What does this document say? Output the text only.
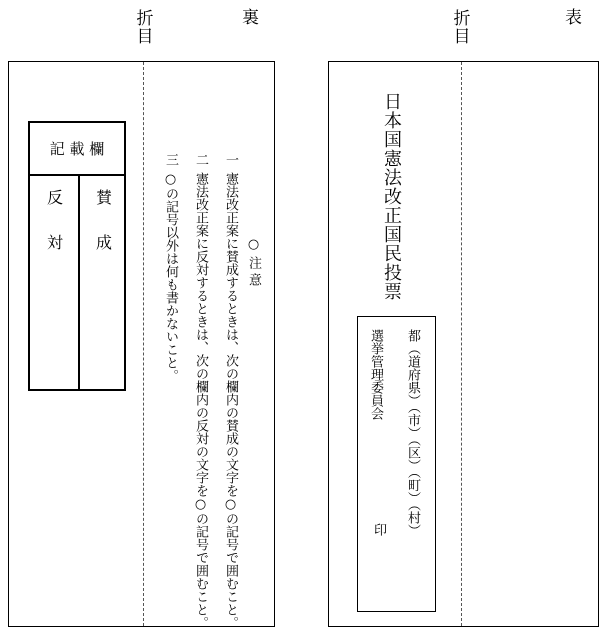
折目
裏	折目
表
○ 注 意
一憲法改正案に賛成するときは、次の欄内の賛成の文字を○の記号で囲むこと。
二憲法改正案に反対するときは、次の欄内の反対の文字を○の記号で囲むこと。
三○の記号以外は何も書かないこと。
記 載 欄
反 対 賛 成	日本国憲法改正国民投票
都（道府県）（市）（区）（町）（村）
選挙管理委員会
印
